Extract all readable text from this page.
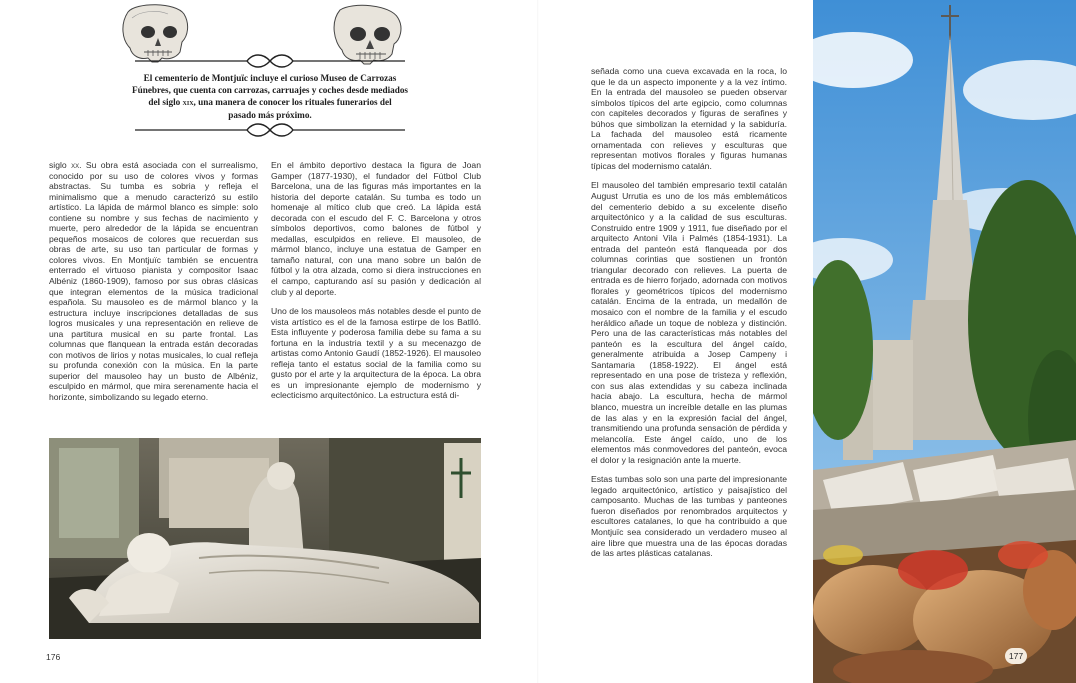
El cementerio de Montjuïc incluye el curioso Museo de Carrozas
Fúnebres, que cuenta con carrozas, carruajes y coches desde mediados
del siglo xix, una manera de conocer los rituales funerarios del
pasado más próximo.

siglo xx. Su obra está asociada con el surrealismo, conocido por su uso de colores vivos y formas abstractas. Su tumba es sobria y refleja el minimalismo que a menudo caracterizó su estilo artístico. La lápida de mármol blanco es simple: solo contiene su nombre y sus fechas de nacimiento y muerte, pero alrededor de la lápida se encuentran pequeños mosaicos de colores que recuerdan sus obras de arte, su uso tan particular de formas y colores vivos. En Montjuïc también se encuentra enterrado el virtuoso pianista y compositor Isaac Albéniz (1860-1909), famoso por sus obras clásicas que integran elementos de la música tradicional española. Su mausoleo es de mármol blanco y la estructura incluye inscripciones detalladas de sus logros musicales y una representación en relieve de una partitura musical en su parte frontal. Las columnas que flanquean la entrada están decoradas con motivos de lirios y notas musicales, lo cual refleja su profunda conexión con la música. En la parte superior del mausoleo hay un busto de Albéniz, esculpido en mármol, que mira serenamente hacia el horizonte, simbolizando su legado eterno.

En el ámbito deportivo destaca la figura de Joan Gamper (1877-1930), el fundador del Fútbol Club Barcelona, una de las figuras más importantes en la historia del deporte catalán. Su tumba es todo un homenaje al mítico club que creó. La lápida está decorada con el escudo del F. C. Barcelona y otros símbolos deportivos, como balones de fútbol y medallas, esculpidos en relieve. El mausoleo, de mármol blanco, incluye una estatua de Gamper en tamaño natural, con una mano sobre un balón de fútbol y la otra alzada, como si diera instrucciones en el campo, capturando así su pasión y dedicación al club y al deporte.

Uno de los mausoleos más notables desde el punto de vista artístico es el de la famosa estirpe de los Batlló. Esta influyente y poderosa familia debe su fama a su fortuna en la industria textil y a su mecenazgo de artistas como Antonio Gaudí (1852-1926). El mausoleo refleja tanto el estatus social de la familia como su gusto por el arte y la arquitectura de la época. La obra es un impresionante ejemplo de modernismo y eclecticismo arquitectónico. La estructura está di-

176

señada como una cueva excavada en la roca, lo que le da un aspecto imponente y a la vez íntimo. En la entrada del mausoleo se pueden observar símbolos típicos del arte egipcio, como columnas con capiteles decorados y figuras de serafines y búhos que simbolizan la eternidad y la sabiduría. La fachada del mausoleo está ricamente ornamentada con relieves y esculturas que representan motivos florales y figuras humanas típicas del modernismo catalán.

El mausoleo del también empresario textil catalán August Urrutia es uno de los más emblemáticos del cementerio debido a su excelente diseño arquitectónico y a la calidad de sus esculturas. Construido entre 1909 y 1911, fue diseñado por el arquitecto Antoni Vila i Palmés (1854-1931). La entrada del panteón está flanqueada por dos columnas corintias que sostienen un frontón triangular decorado con relieves. La puerta de entrada es de hierro forjado, adornada con motivos florales y geométricos típicos del modernismo catalán. Encima de la entrada, un medallón de mosaico con el nombre de la familia y el escudo heráldico añade un toque de nobleza y distinción. Pero una de las características más notables del panteón es la escultura del ángel caído, generalmente atribuida a Josep Campeny i Santamaria (1858-1922). El ángel está representado en una pose de tristeza y reflexión, con sus alas extendidas y su cabeza inclinada hacia abajo. La escultura, hecha de mármol blanco, muestra un increíble detalle en las plumas de las alas y en la expresión facial del ángel, transmitiendo una profunda sensación de pérdida y melancolía. Este ángel caído, uno de los elementos más conmovedores del panteón, evoca el dolor y la resignación ante la muerte.

Estas tumbas solo son una parte del impresionante legado arquitectónico, artístico y paisajístico del camposanto. Muchas de las tumbas y panteones fueron diseñados por renombrados arquitectos y escultores catalanes, lo que ha contribuido a que Montjuïc sea considerado un verdadero museo al aire libre que muestra una de las épocas doradas de las artes plásticas catalanas.

177
